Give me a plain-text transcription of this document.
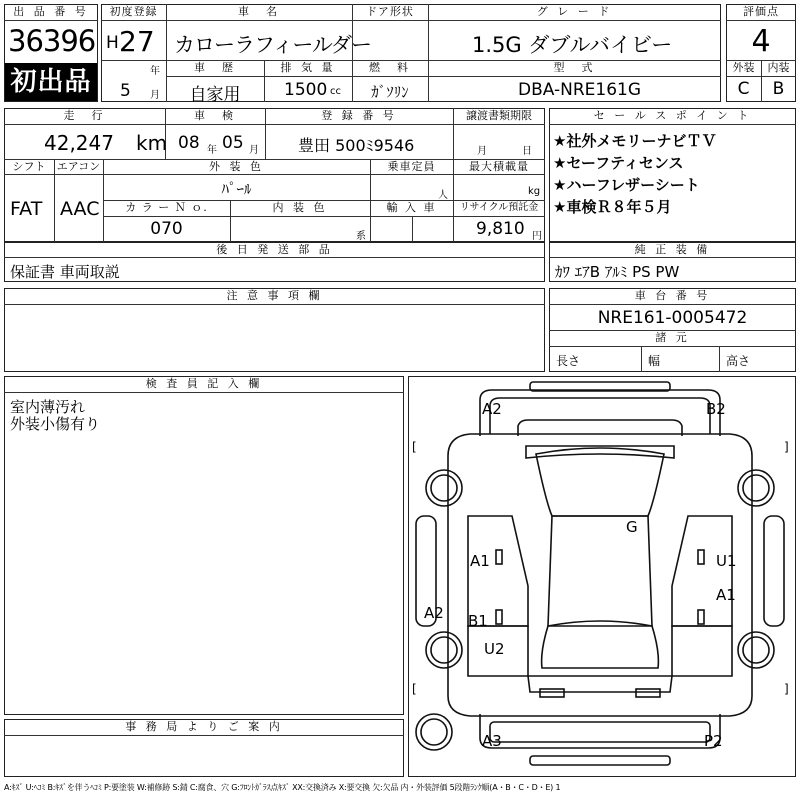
出 品 番 号
36396
初出品
初度登録
H 27
年
5 月
車　名
カローラフィールダー
ドア形状	グ レ ー ド
1.5G ダブルバイビー
車　歴
自家用
排 気 量
1500 cc
燃　料
ｶﾞｿﾘﾝ
型　式
DBA-NRE161G
評価点
4
外装	内装
C	B
走　行
42,247 km
車　検
08 年 05 月
登 録 番 号
豊田 500ﾐ9546
譲渡書類期限
月	日
シフト
FAT
エアコン
AAC
外 装 色
ﾊﾟｰﾙ
乗車定員
人
最大積載量
kg
カ ラ ー Ｎ ｏ.
070
内 装 色
系
輸 入 車	リサイクル預託金
9,810 円
セ ー ル ス ポ イ ン ト
★社外メモリーナビＴＶ
★セーフティセンス
★ハーフレザーシート
★車検Ｒ８年５月
後 日 発 送 部 品
保証書 車両取説
純 正 装 備
ｶﾜ ｴｱB ｱﾙﾐ PS PW
注 意 事 項 欄	車 台 番 号
NRE161-0005472
諸 元
長さ	幅	高さ
検 査 員 記 入 欄
室内薄汚れ
外装小傷有り
事 務 局 よ り ご 案 内
A2	B2
G
A1	U1
A1
A2 B1
U2
A3	P2
[	]
[	]
A:ｷｽﾞ U:ﾍｺﾐ B:ｷｽﾞを伴うﾍｺﾐ P:要塗装 W:補修跡 S:錆 C:腐食、穴 G:ﾌﾛﾝﾄｶﾞﾗｽ点ｷｽﾞ XX:交換済み X:要交換 欠:欠品 内・外装評価 5段階ﾗﾝｸ順(A・B・C・D・E) 1
